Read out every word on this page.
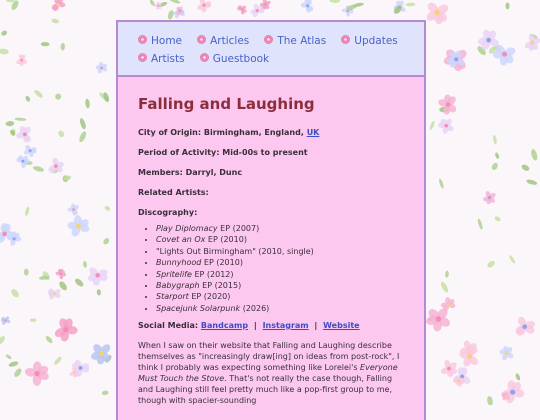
Home	Articles	The Atlas	Updates
Artists	Guestbook
Falling and Laughing

City of Origin: Birmingham, England, UK

Period of Activity: Mid-00s to present

Members: Darryl, Dunc

Related Artists:

Discography:

• Play Diplomacy EP (2007)
• Covet an Ox EP (2010)
• "Lights Out Birmingham" (2010, single)
• Bunnyhood EP (2010)
• Spritelife EP (2012)
• Babygraph EP (2015)
• Starport EP (2020)
• Spacejunk Solarpunk (2026)

Social Media: Bandcamp | Instagram | Website

When I saw on their website that Falling and Laughing describe themselves as "increasingly draw[ing] on ideas from post-rock", I think I probably was expecting something like Lorelei's Everyone Must Touch the Stove. That's not really the case though, Falling and Laughing still feel pretty much like a pop-first group to me, though with spacier-sounding
